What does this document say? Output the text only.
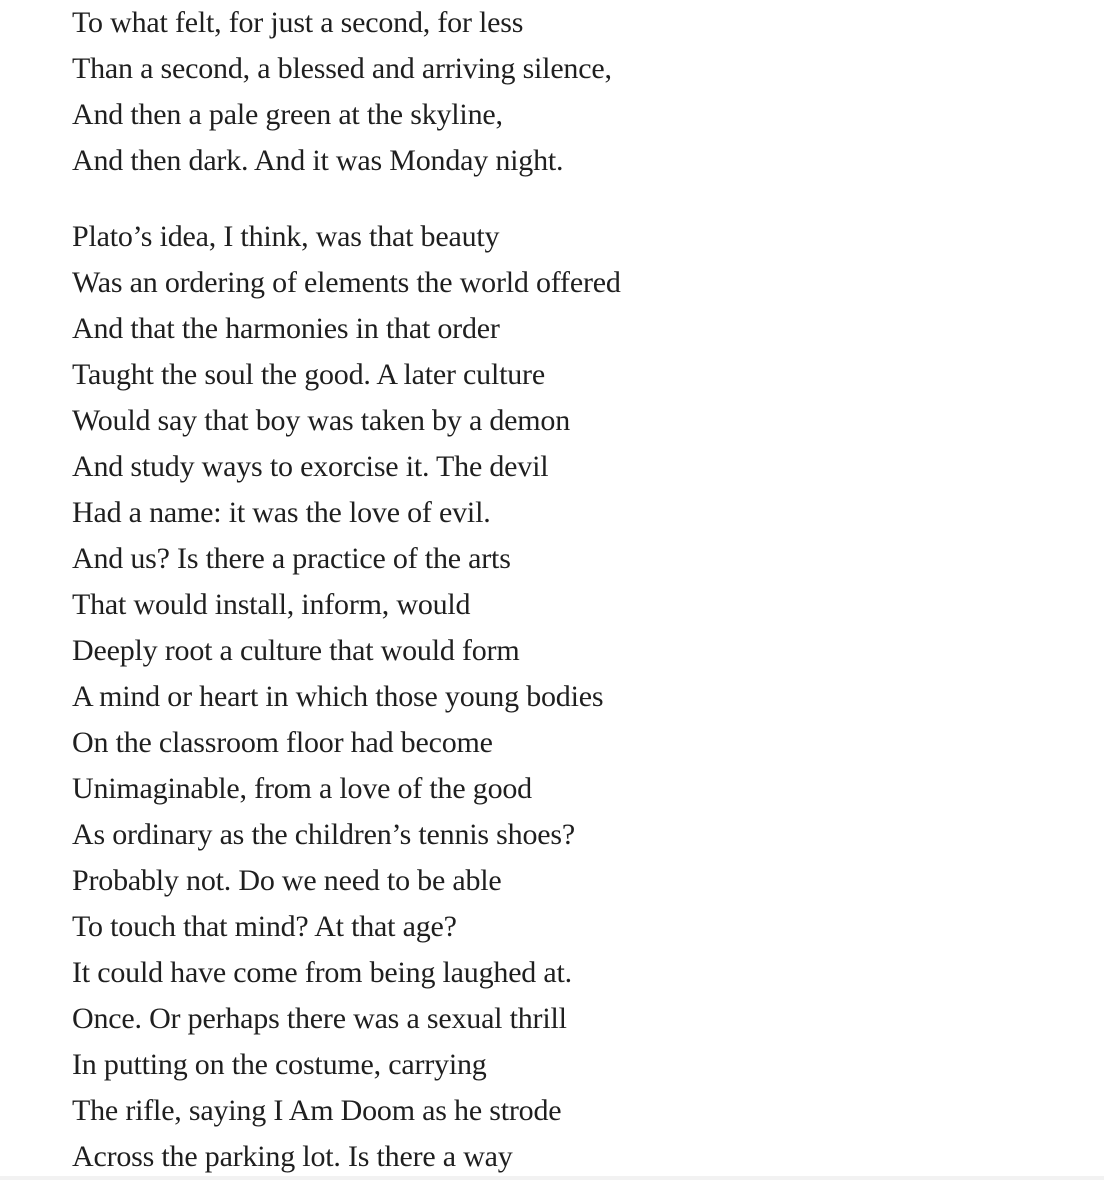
To what felt, for just a second, for less
Than a second, a blessed and arriving silence,
And then a pale green at the skyline,
And then dark. And it was Monday night.
Plato’s idea, I think, was that beauty
Was an ordering of elements the world offered
And that the harmonies in that order
Taught the soul the good. A later culture
Would say that boy was taken by a demon
And study ways to exorcise it. The devil
Had a name: it was the love of evil.
And us? Is there a practice of the arts
That would install, inform, would
Deeply root a culture that would form
A mind or heart in which those young bodies
On the classroom floor had become
Unimaginable, from a love of the good
As ordinary as the children’s tennis shoes?
Probably not. Do we need to be able
To touch that mind? At that age?
It could have come from being laughed at.
Once. Or perhaps there was a sexual thrill
In putting on the costume, carrying
The rifle, saying I Am Doom as he strode
Across the parking lot. Is there a way
